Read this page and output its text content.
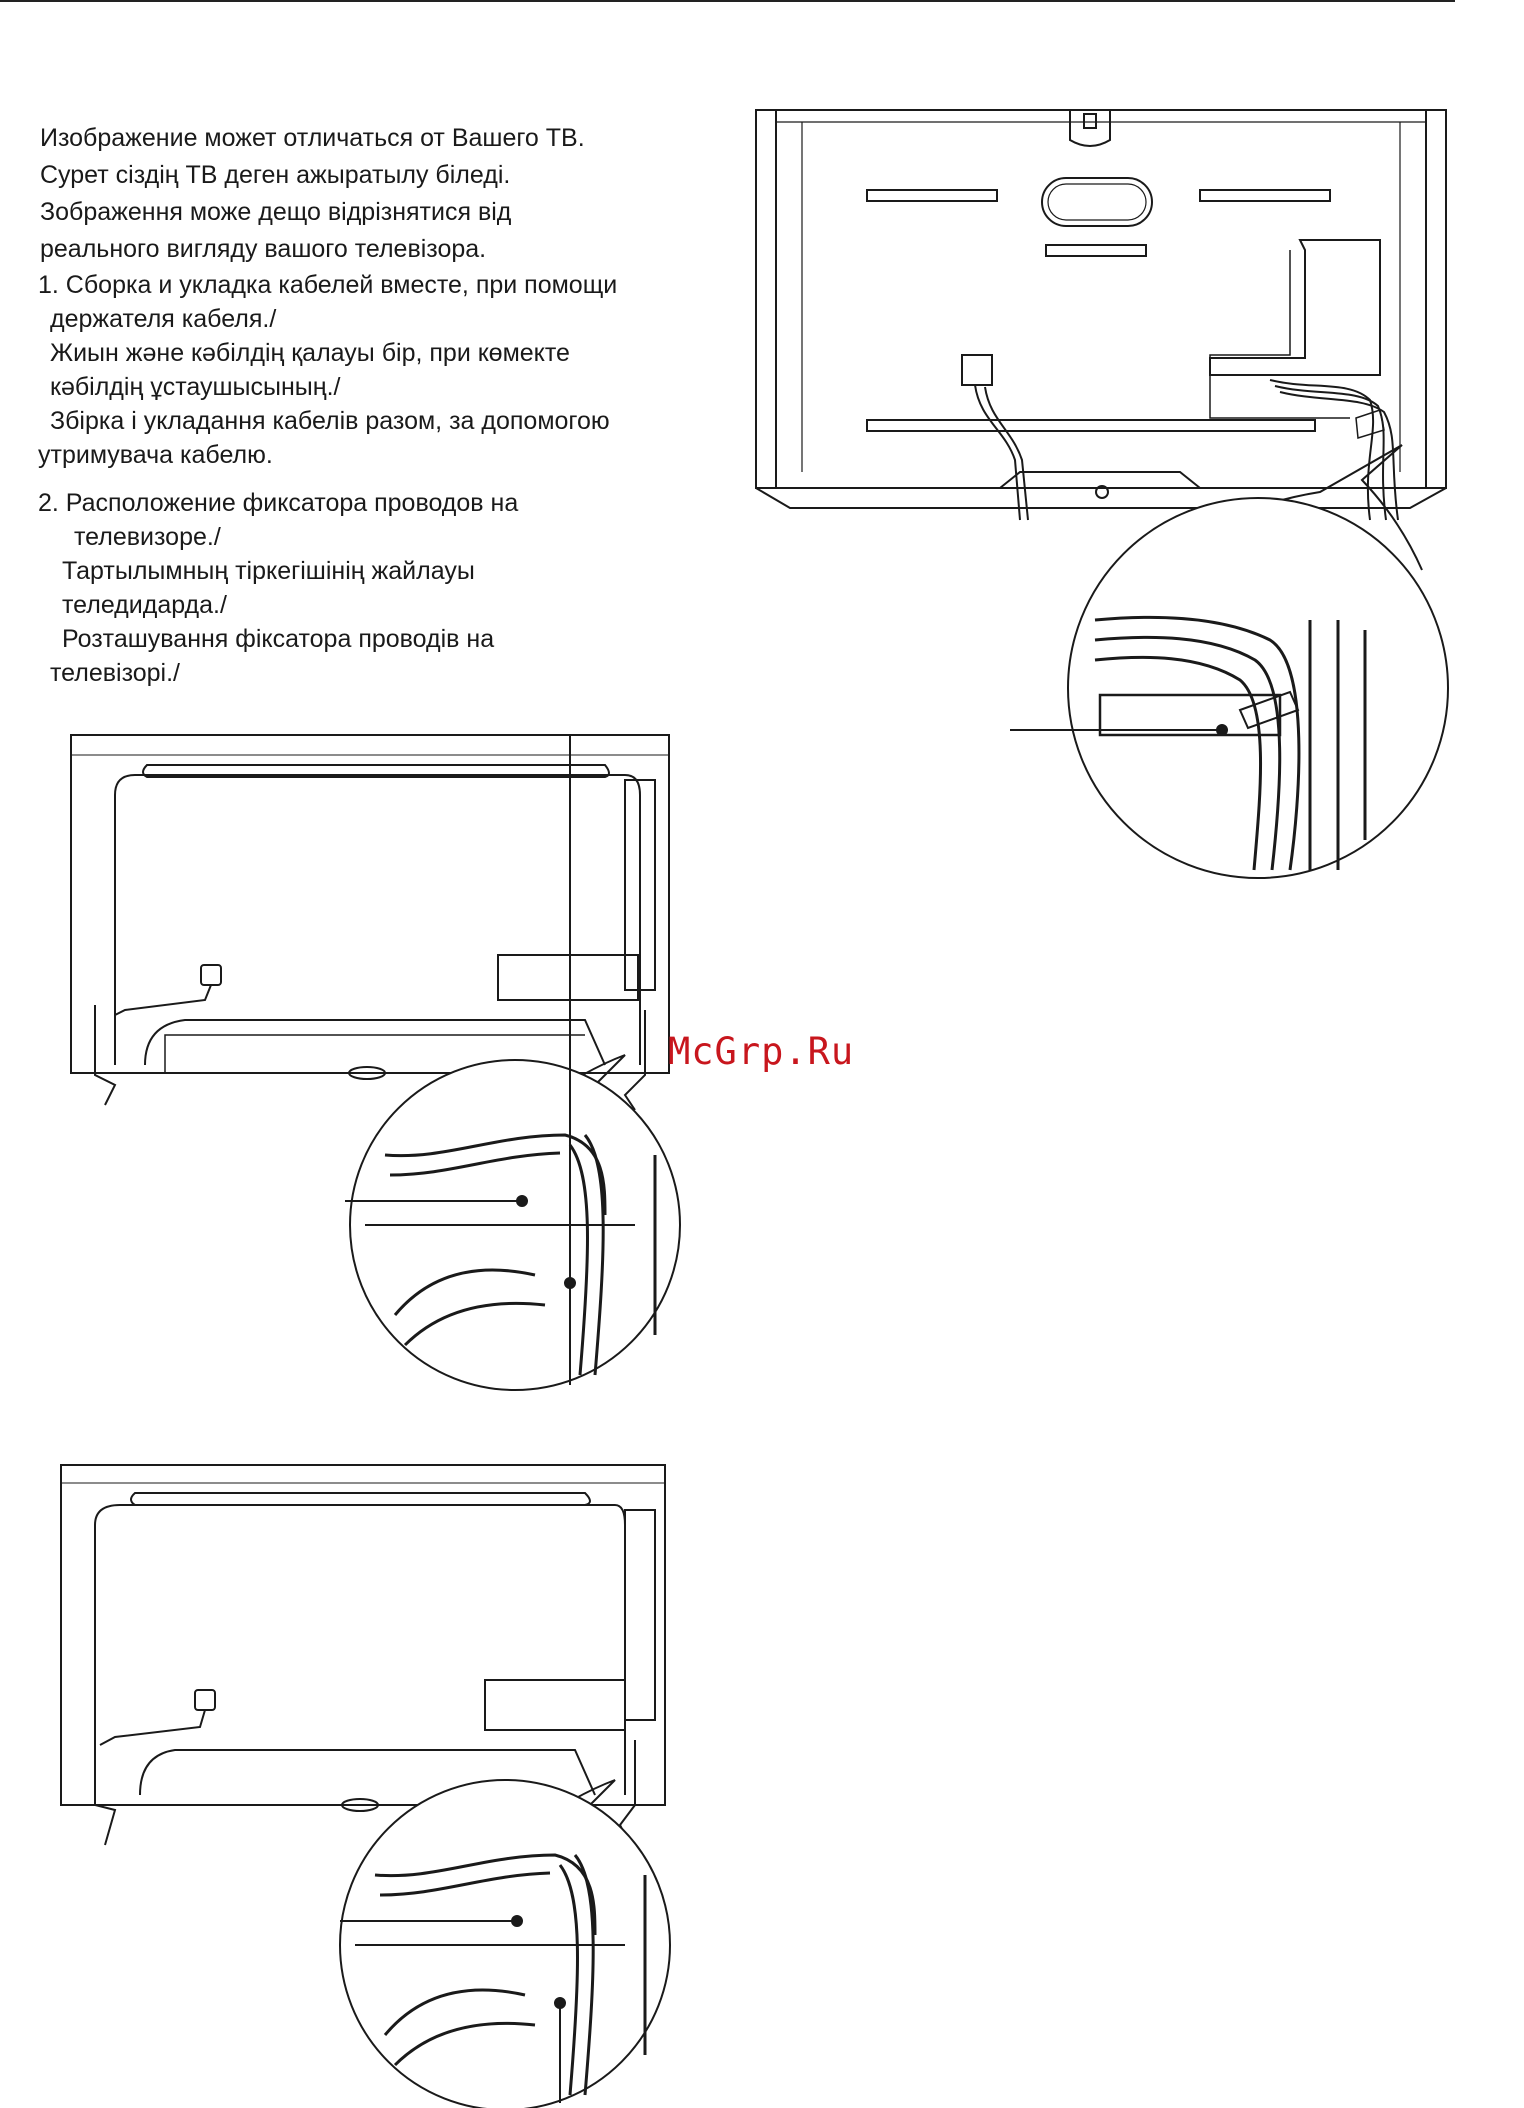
Изображение может отличаться от Вашего ТВ.

Сурет сіздің ТВ деген ажыратылу біледі.

Зображення може дещо відрізнятися від

реального вигляду вашого телевізора.

1. Сборка и укладка кабелей вместе, при помощи
держателя кабеля./
Жиын және кәбілдің қалауы бір, при көмекте
кәбілдің ұстаушысының./
Збірка і укладання кабелів разом, за допомогою
утримувача кабелю.
2. Расположение фиксатора проводов на
телевизоре./
Тартылымның тіркегішінің жайлауы
теледидарда./
Розташування фіксатора проводів на
телевізорі./
McGrp.Ru
